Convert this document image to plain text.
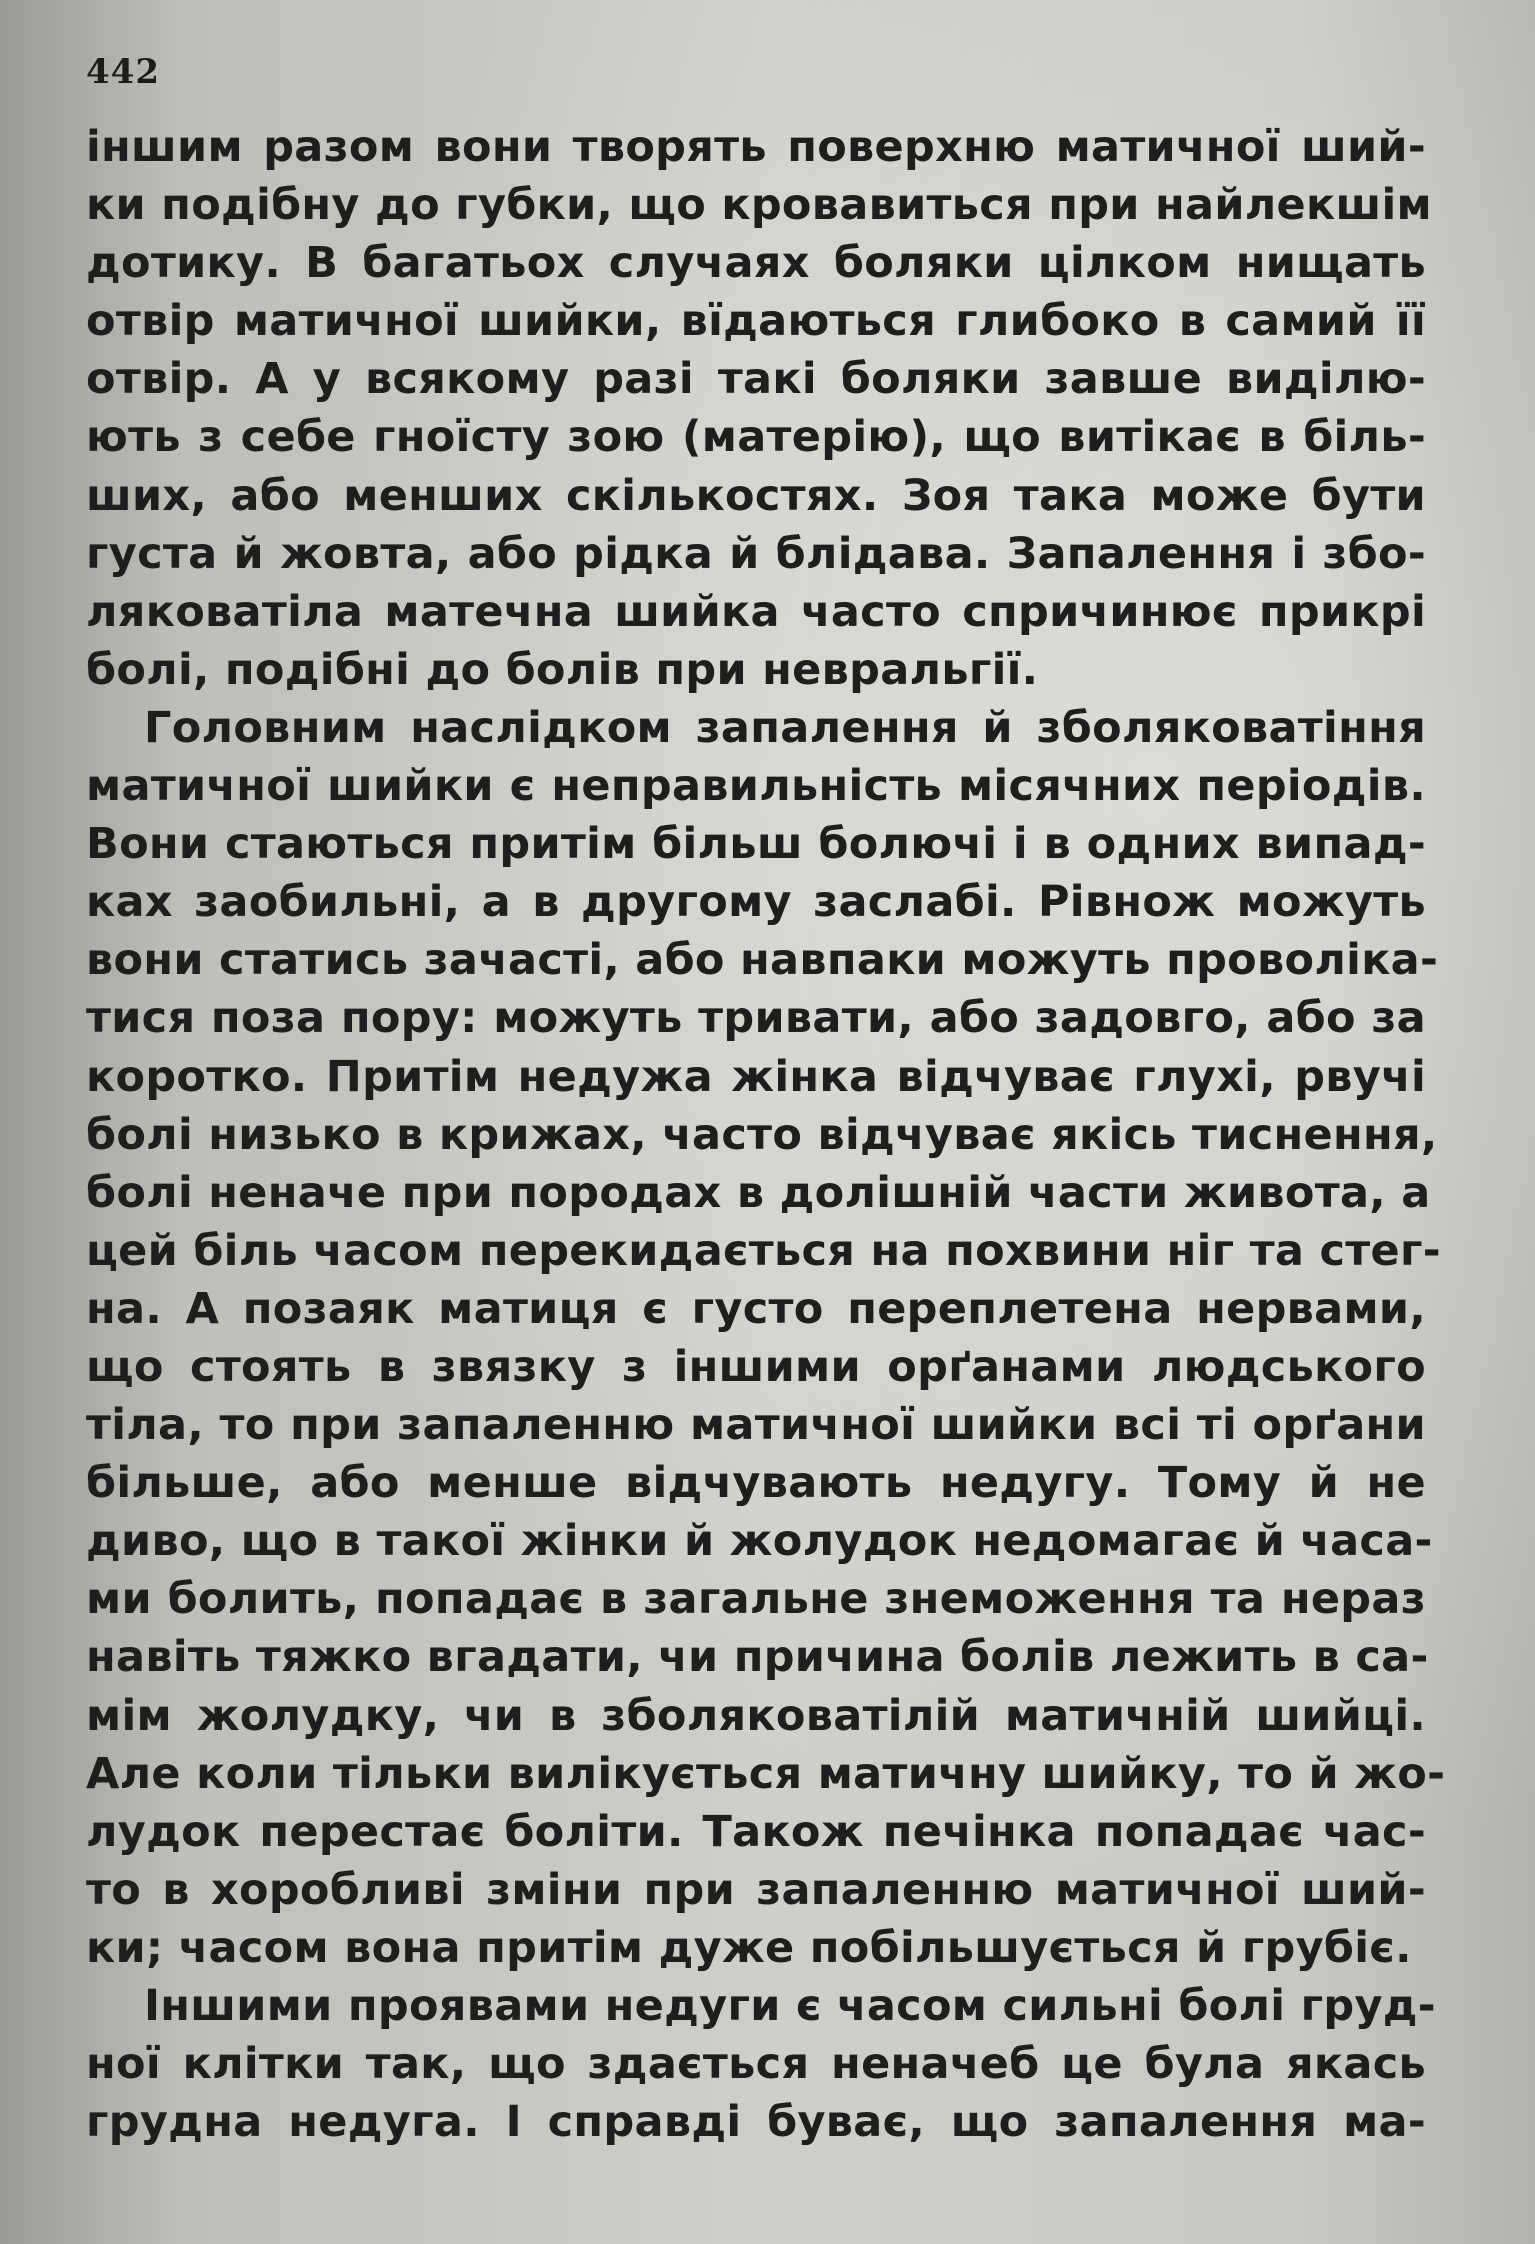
442
іншим разом вони творять поверхню матичної ший-
ки подібну до губки, що кровавиться при найлекшім
дотику. В багатьох случаях боляки цілком нищать
отвір матичної шийки, вїдаються глибоко в самий її
отвір. А у всякому разі такі боляки завше виділю-
ють з себе гноїсту зою (матерію), що витікає в біль-
ших, або менших скількостях. Зоя така може бути
густа й жовта, або рідка й блідава. Запалення і збо-
ляковатіла матечна шийка часто спричинює прикрі
болі, подібні до болів при невральгії.
Головним наслідком запалення й зболяковатіння
матичної шийки є неправильність місячних періодів.
Вони стаються притім більш болючі і в одних випад-
ках заобильні, а в другому заслабі. Рівнож можуть
вони статись зачасті, або навпаки можуть проволіка-
тися поза пору: можуть тривати, або задовго, або за
коротко. Притім недужа жінка відчуває глухі, рвучі
болі низько в крижах, часто відчуває якісь тиснення,
болі неначе при породах в долішній части живота, а
цей біль часом перекидається на похвини ніг та стег-
на. А позаяк матиця є густо переплетена нервами,
що стоять в звязку з іншими орґанами людського
тіла, то при запаленню матичної шийки всі ті орґани
більше, або менше відчувають недугу. Тому й не
диво, що в такої жінки й жолудок недомагає й часа-
ми болить, попадає в загальне знеможення та нераз
навіть тяжко вгадати, чи причина болів лежить в са-
мім жолудку, чи в зболяковатілій матичній шийці.
Але коли тільки вилікується матичну шийку, то й жо-
лудок перестає боліти. Також печінка попадає час-
то в хоробливі зміни при запаленню матичної ший-
ки; часом вона притім дуже побільшується й грубіє.
Іншими проявами недуги є часом сильні болі груд-
ної клітки так, що здається неначеб це була якась
грудна недуга. І справді буває, що запалення ма-
